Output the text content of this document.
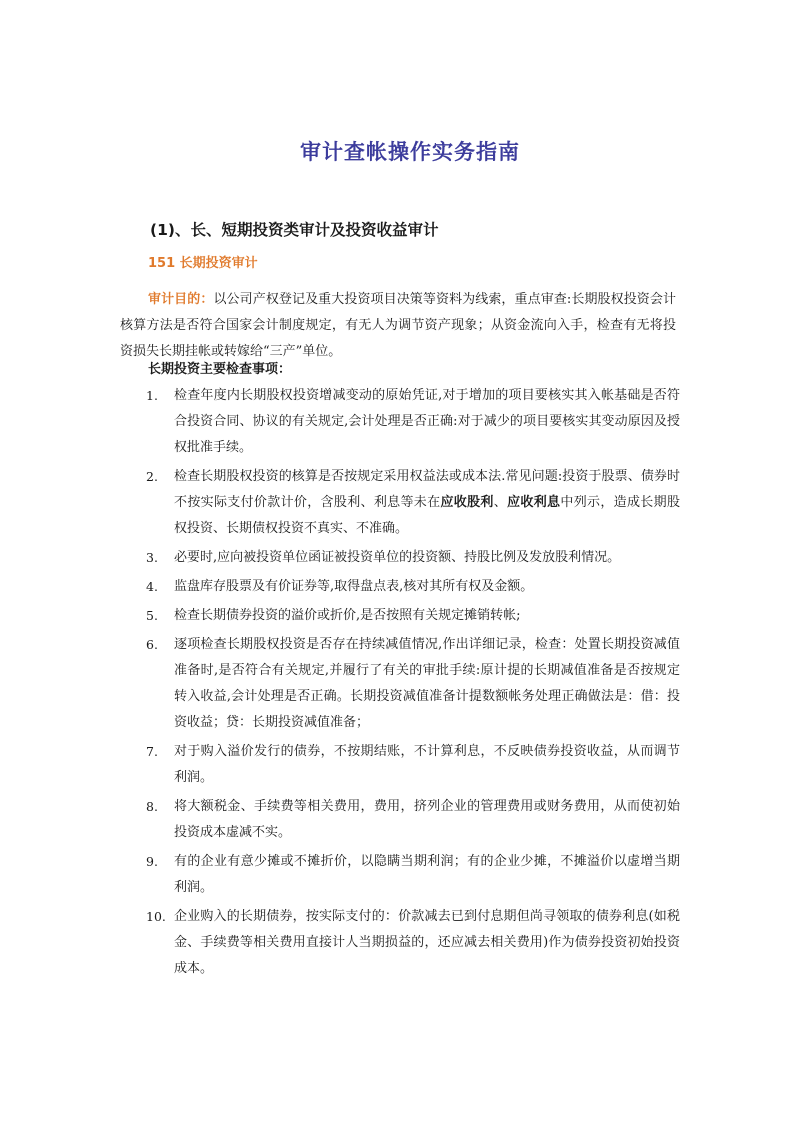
审计查帐操作实务指南
(1)、长、短期投资类审计及投资收益审计
151 长期投资审计

审计目的：以公司产权登记及重大投资项目决策等资料为线索，重点审查:长期股权投资会计核算方法是否符合国家会计制度规定，有无人为调节资产现象；从资金流向入手，检查有无将投资损失长期挂帐或转嫁给“三产”单位。

长期投资主要检查事项：
1.	检查年度内长期股权投资增减变动的原始凭证,对于增加的项目要核实其入帐基础是否符合投资合同、协议的有关规定,会计处理是否正确:对于减少的项目要核实其变动原因及授权批准手续。
2.	检查长期股权投资的核算是否按规定采用权益法或成本法.常见问题:投资于股票、债券时不按实际支付价款计价，含股利、利息等未在应收股利、应收利息中列示，造成长期股权投资、长期债权投资不真实、不准确。
3.	必要时,应向被投资单位函证被投资单位的投资额、持股比例及发放股利情况。
4.	监盘库存股票及有价证券等,取得盘点表,核对其所有权及金额。
5.	检查长期债券投资的溢价或折价,是否按照有关规定摊销转帐;
6.	逐项检查长期股权投资是否存在持续减值情况,作出详细记录，检查：处置长期投资减值准备时,是否符合有关规定,并履行了有关的审批手续:原计提的长期减值准备是否按规定转入收益,会计处理是否正确。长期投资减值准备计提数额帐务处理正确做法是：借：投资收益；贷：长期投资减值准备；
7.	对于购入溢价发行的债券，不按期结账，不计算利息，不反映债券投资收益，从而调节利润。
8.	将大额税金、手续费等相关费用，费用，挤列企业的管理费用或财务费用，从而使初始投资成本虚减不实。
9.	有的企业有意少摊或不摊折价，以隐瞒当期利润；有的企业少摊，不摊溢价以虚增当期利润。
10. 企业购入的长期债券，按实际支付的：价款减去已到付息期但尚寻领取的债券利息(如税金、手续费等相关费用直接计人当期损益的，还应减去相关费用)作为债券投资初始投资成本。
